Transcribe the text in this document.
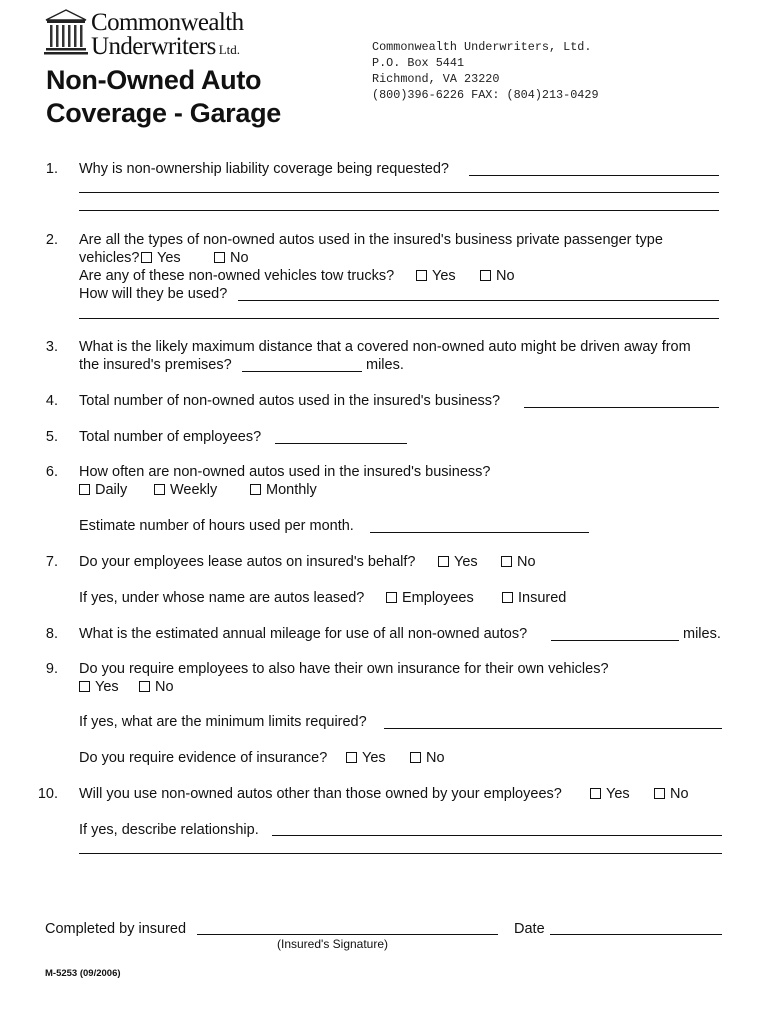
Commonwealth
Underwriters Ltd.
Non-Owned Auto
Coverage - Garage
Commonwealth Underwriters, Ltd.
P.O. Box 5441
Richmond, VA 23220
(800)396-6226 FAX: (804)213-0429
1. Why is non-ownership liability coverage being requested?
2. Are all the types of non-owned autos used in the insured's business private passenger type
vehicles?	Yes	No
Are any of these non-owned vehicles tow trucks?	Yes	No
How will they be used?
3. What is the likely maximum distance that a covered non-owned auto might be driven away from
the insured's premises?	miles.
4. Total number of non-owned autos used in the insured's business?
5. Total number of employees?
6. How often are non-owned autos used in the insured's business?
Daily	Weekly	Monthly
Estimate number of hours used per month.
7. Do your employees lease autos on insured's behalf?	Yes	No
If yes, under whose name are autos leased?	Employees	Insured
8. What is the estimated annual mileage for use of all non-owned autos?	miles.
9. Do you require employees to also have their own insurance for their own vehicles?
Yes	No
If yes, what are the minimum limits required?
Do you require evidence of insurance?	Yes	No
10. Will you use non-owned autos other than those owned by your employees?	Yes	No
If yes, describe relationship.
Completed by insured
(Insured's Signature)
Date
M-5253 (09/2006)
